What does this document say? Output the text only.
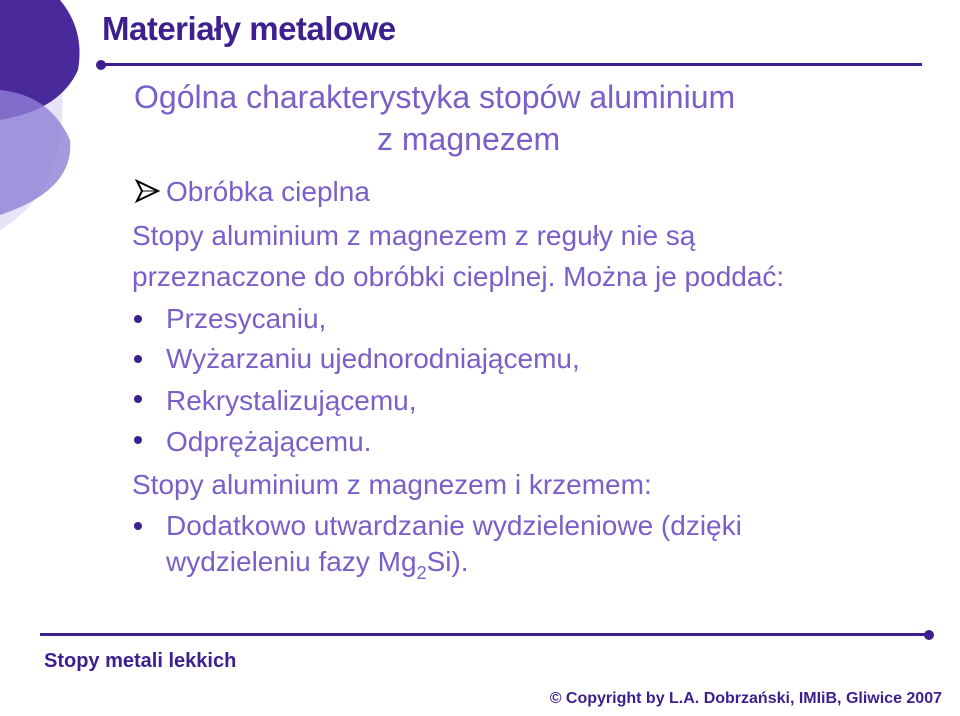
Materiały metalowe
Ogólna charakterystyka stopów aluminium
z magnezem
Obróbka cieplna
Stopy aluminium z magnezem z reguły nie są
przeznaczone do obróbki cieplnej. Można je poddać:
Przesycaniu,
Wyżarzaniu ujednorodniającemu,
Rekrystalizującemu,
Odprężającemu.
Stopy aluminium z magnezem i krzemem:
Dodatkowo utwardzanie wydzieleniowe (dzięki
wydzieleniu fazy $Mg_2Si$).
Stopy metali lekkich
© Copyright by L.A. Dobrzański, IMIiB, Gliwice 2007
